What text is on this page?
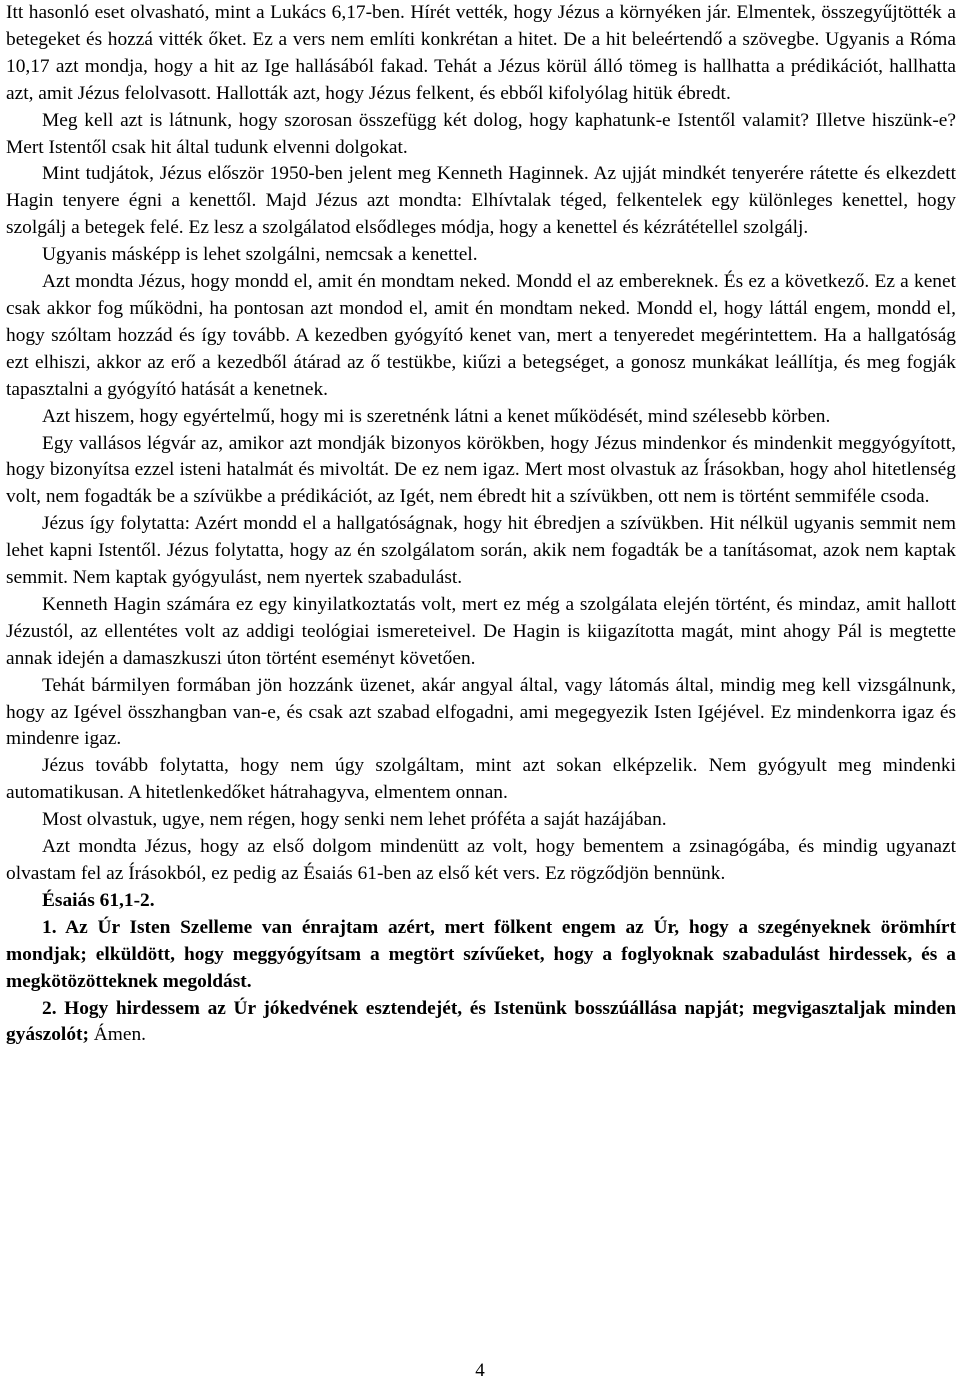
Itt hasonló eset olvasható, mint a Lukács 6,17-ben. Hírét vették, hogy Jézus a környéken jár. Elmentek, összegyűjtötték a betegeket és hozzá vitték őket. Ez a vers nem említi konkrétan a hitet. De a hit beleértendő a szövegbe. Ugyanis a Róma 10,17 azt mondja, hogy a hit az Ige hallásából fakad. Tehát a Jézus körül álló tömeg is hallhatta a prédikációt, hallhatta azt, amit Jézus felolvasott. Hallották azt, hogy Jézus felkent, és ebből kifolyólag hitük ébredt.

Meg kell azt is látnunk, hogy szorosan összefügg két dolog, hogy kaphatunk-e Istentől valamit? Illetve hiszünk-e? Mert Istentől csak hit által tudunk elvenni dolgokat.

Mint tudjátok, Jézus először 1950-ben jelent meg Kenneth Haginnek. Az ujját mindkét tenyerére rátette és elkezdett Hagin tenyere égni a kenettől. Majd Jézus azt mondta: Elhívtalak téged, felkentelek egy különleges kenettel, hogy szolgálj a betegek felé. Ez lesz a szolgálatod elsődleges módja, hogy a kenettel és kézrátétellel szolgálj.

Ugyanis másképp is lehet szolgálni, nemcsak a kenettel.

Azt mondta Jézus, hogy mondd el, amit én mondtam neked. Mondd el az embereknek. És ez a következő. Ez a kenet csak akkor fog működni, ha pontosan azt mondod el, amit én mondtam neked. Mondd el, hogy láttál engem, mondd el, hogy szóltam hozzád és így tovább. A kezedben gyógyító kenet van, mert a tenyeredet megérintettem. Ha a hallgatóság ezt elhiszi, akkor az erő a kezedből átárad az ő testükbe, kiűzi a betegséget, a gonosz munkákat leállítja, és meg fogják tapasztalni a gyógyító hatását a kenetnek.

Azt hiszem, hogy egyértelmű, hogy mi is szeretnénk látni a kenet működését, mind szélesebb körben.

Egy vallásos légvár az, amikor azt mondják bizonyos körökben, hogy Jézus mindenkor és mindenkit meggyógyított, hogy bizonyítsa ezzel isteni hatalmát és mivoltát. De ez nem igaz. Mert most olvastuk az Írásokban, hogy ahol hitetlenség volt, nem fogadták be a szívükbe a prédikációt, az Igét, nem ébredt hit a szívükben, ott nem is történt semmiféle csoda.

Jézus így folytatta: Azért mondd el a hallgatóságnak, hogy hit ébredjen a szívükben. Hit nélkül ugyanis semmit nem lehet kapni Istentől. Jézus folytatta, hogy az én szolgálatom során, akik nem fogadták be a tanításomat, azok nem kaptak semmit. Nem kaptak gyógyulást, nem nyertek szabadulást.

Kenneth Hagin számára ez egy kinyilatkoztatás volt, mert ez még a szolgálata elején történt, és mindaz, amit hallott Jézustól, az ellentétes volt az addigi teológiai ismereteivel. De Hagin is kiigazította magát, mint ahogy Pál is megtette annak idején a damaszkuszi úton történt eseményt követően.

Tehát bármilyen formában jön hozzánk üzenet, akár angyal által, vagy látomás által, mindig meg kell vizsgálnunk, hogy az Igével összhangban van-e, és csak azt szabad elfogadni, ami megegyezik Isten Igéjével. Ez mindenkorra igaz és mindenre igaz.

Jézus tovább folytatta, hogy nem úgy szolgáltam, mint azt sokan elképzelik. Nem gyógyult meg mindenki automatikusan. A hitetlenkedőket hátrahagyva, elmentem onnan.

Most olvastuk, ugye, nem régen, hogy senki nem lehet próféta a saját hazájában.

Azt mondta Jézus, hogy az első dolgom mindenütt az volt, hogy bementem a zsinagógába, és mindig ugyanazt olvastam fel az Írásokból, ez pedig az Ésaiás 61-ben az első két vers. Ez rögződjön bennünk.

Ésaiás 61,1-2.

1. Az Úr Isten Szelleme van énrajtam azért, mert fölkent engem az Úr, hogy a szegényeknek örömhírt mondjak; elküldött, hogy meggyógyítsam a megtört szívűeket, hogy a foglyoknak szabadulást hirdessek, és a megkötözötteknek megoldást.

2. Hogy hirdessem az Úr jókedvének esztendejét, és Istenünk bosszúállása napját; megvigasztaljak minden gyászolót; Ámen.

4
